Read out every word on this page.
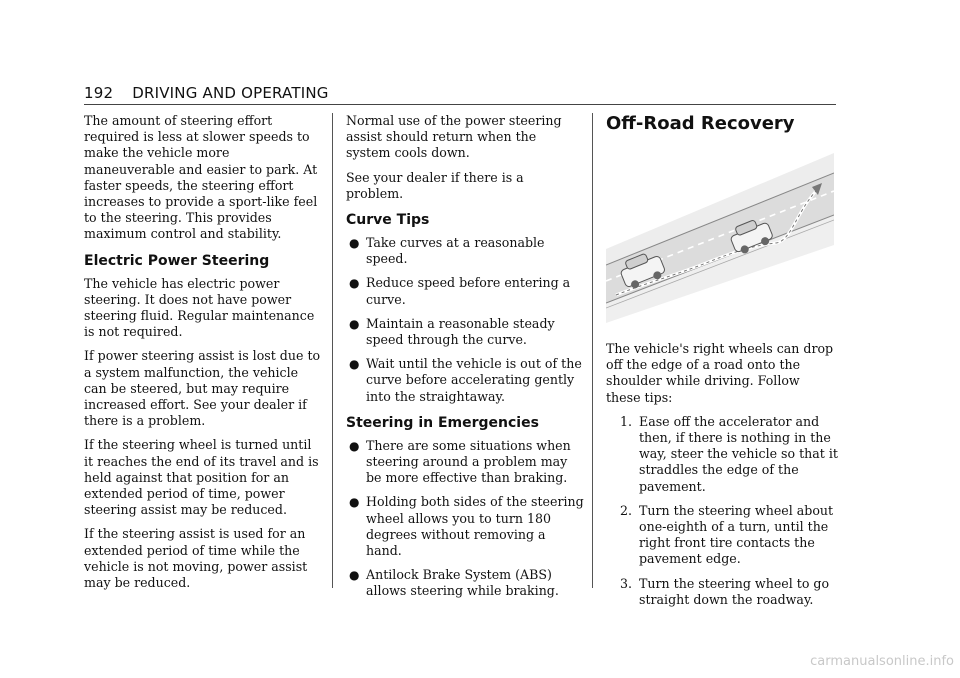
192 DRIVING AND OPERATING

The amount of steering effort required is less at slower speeds to make the vehicle more maneuverable and easier to park. At faster speeds, the steering effort increases to provide a sport-like feel to the steering. This provides maximum control and stability.

Electric Power Steering

The vehicle has electric power steering. It does not have power steering fluid. Regular maintenance is not required.

If power steering assist is lost due to a system malfunction, the vehicle can be steered, but may require increased effort. See your dealer if there is a problem.

If the steering wheel is turned until it reaches the end of its travel and is held against that position for an extended period of time, power steering assist may be reduced.

If the steering assist is used for an extended period of time while the vehicle is not moving, power assist may be reduced.

Normal use of the power steering assist should return when the system cools down.

See your dealer if there is a problem.

Curve Tips
● Take curves at a reasonable speed.
● Reduce speed before entering a curve.
● Maintain a reasonable steady speed through the curve.
● Wait until the vehicle is out of the curve before accelerating gently into the straightaway.
Steering in Emergencies
● There are some situations when steering around a problem may be more effective than braking.
● Holding both sides of the steering wheel allows you to turn 180 degrees without removing a hand.
● Antilock Brake System (ABS) allows steering while braking.
Off-Road Recovery

The vehicle's right wheels can drop off the edge of a road onto the shoulder while driving. Follow these tips:

1. Ease off the accelerator and then, if there is nothing in the way, steer the vehicle so that it straddles the edge of the pavement.
2. Turn the steering wheel about one-eighth of a turn, until the right front tire contacts the pavement edge.
3. Turn the steering wheel to go straight down the roadway.
carmanualsonline.info
